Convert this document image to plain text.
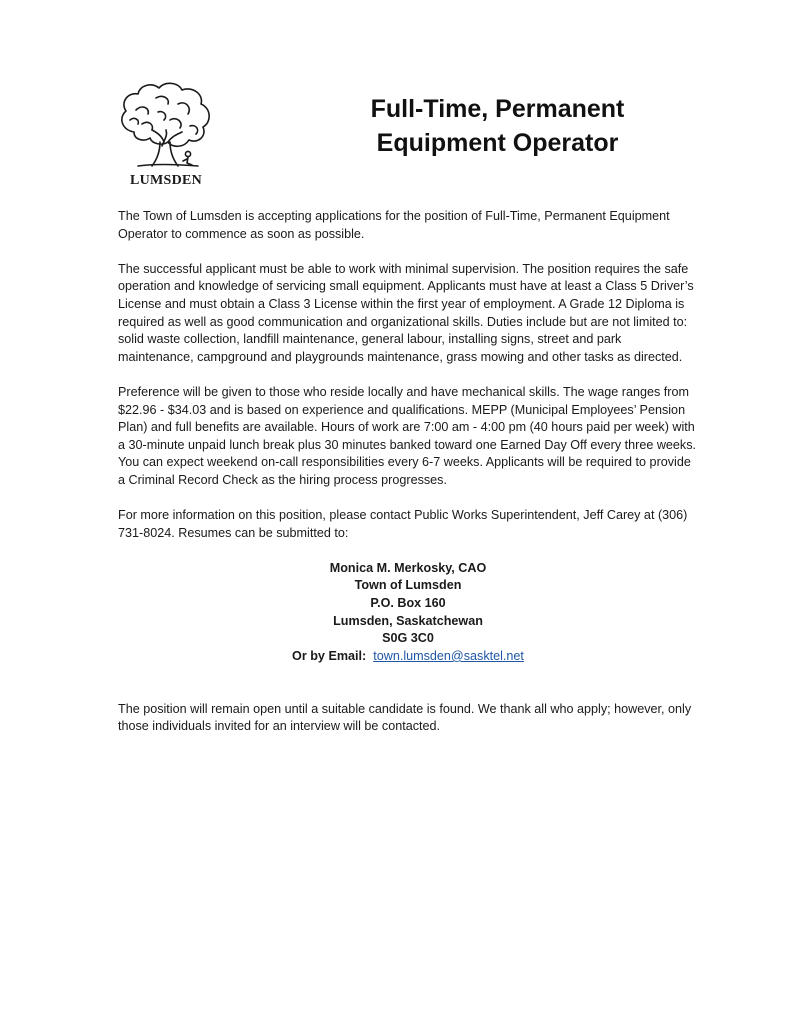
LUMSDEN
Full-Time, Permanent
Equipment Operator

The Town of Lumsden is accepting applications for the position of Full-Time, Permanent Equipment Operator to commence as soon as possible.

The successful applicant must be able to work with minimal supervision. The position requires the safe operation and knowledge of servicing small equipment. Applicants must have at least a Class 5 Driver’s License and must obtain a Class 3 License within the first year of employment. A Grade 12 Diploma is required as well as good communication and organizational skills. Duties include but are not limited to: solid waste collection, landfill maintenance, general labour, installing signs, street and park maintenance, campground and playgrounds maintenance, grass mowing and other tasks as directed.

Preference will be given to those who reside locally and have mechanical skills. The wage ranges from $22.96 - $34.03 and is based on experience and qualifications. MEPP (Municipal Employees’ Pension Plan) and full benefits are available. Hours of work are 7:00 am - 4:00 pm (40 hours paid per week) with a 30-minute unpaid lunch break plus 30 minutes banked toward one Earned Day Off every three weeks. You can expect weekend on-call responsibilities every 6-7 weeks. Applicants will be required to provide a Criminal Record Check as the hiring process progresses.

For more information on this position, please contact Public Works Superintendent, Jeff Carey at (306) 731-8024. Resumes can be submitted to:

Monica M. Merkosky, CAO
Town of Lumsden
P.O. Box 160
Lumsden, Saskatchewan
S0G 3C0
Or by Email: town.lumsden@sasktel.net

The position will remain open until a suitable candidate is found. We thank all who apply; however, only those individuals invited for an interview will be contacted.
